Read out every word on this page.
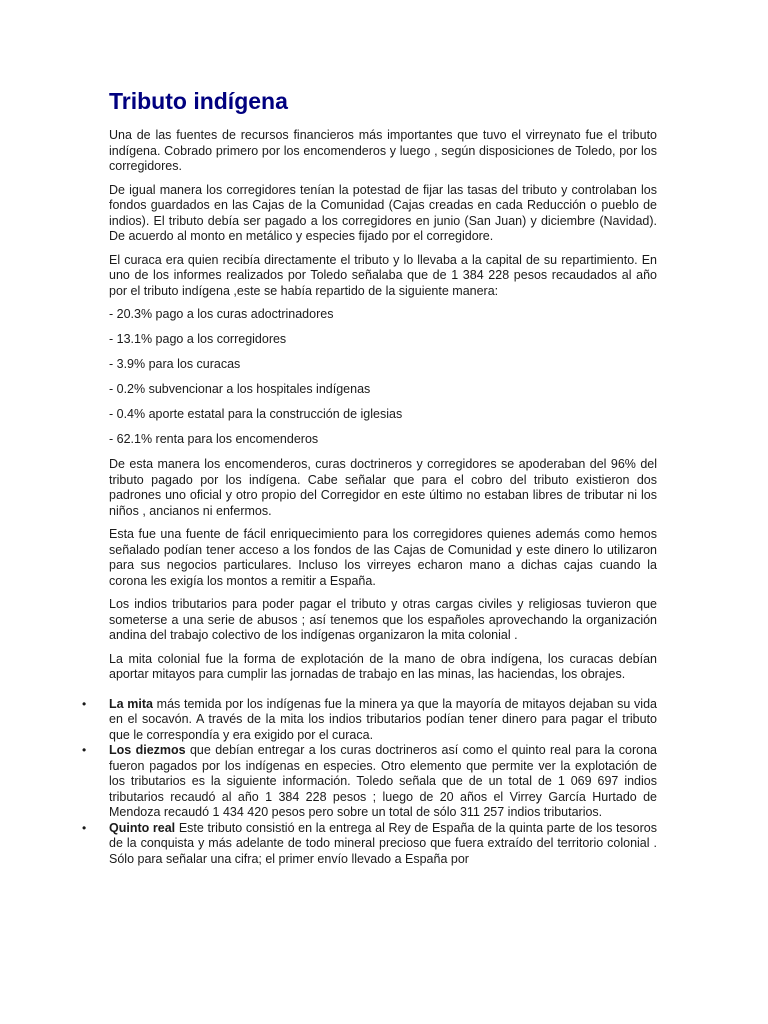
Tributo indígena

Una de las fuentes de recursos financieros más importantes que tuvo el virreynato fue el tributo indígena. Cobrado primero por los encomenderos y luego , según disposiciones de Toledo, por los corregidores.

De igual manera los corregidores tenían la potestad de fijar las tasas del tributo y controlaban los fondos guardados en las Cajas de la Comunidad (Cajas creadas en cada Reducción o pueblo de indios). El tributo debía ser pagado a los corregidores en junio (San Juan) y diciembre (Navidad). De acuerdo al monto en metálico y especies fijado por el corregidore.

El curaca era quien recibía directamente el tributo y lo llevaba a la capital de su repartimiento. En uno de los informes realizados por Toledo señalaba que de 1 384 228 pesos recaudados al año por el tributo indígena ,este se había repartido de la siguiente manera:

- 20.3% pago a los curas adoctrinadores

- 13.1% pago a los corregidores

- 3.9% para los curacas

- 0.2% subvencionar a los hospitales indígenas

- 0.4% aporte estatal para la construcción de iglesias

- 62.1% renta para los encomenderos

De esta manera los encomenderos, curas doctrineros y corregidores se apoderaban del 96% del tributo pagado por los indígena. Cabe señalar que para el cobro del tributo existieron dos padrones uno oficial y otro propio del Corregidor en este último no estaban libres de tributar ni los niños , ancianos ni enfermos.

Esta fue una fuente de fácil enriquecimiento para los corregidores quienes además como hemos señalado podían tener acceso a los fondos de las Cajas de Comunidad y este dinero lo utilizaron para sus negocios particulares. Incluso los virreyes echaron mano a dichas cajas cuando la corona les exigía los montos a remitir a España.

Los indios tributarios para poder pagar el tributo y otras cargas civiles y religiosas tuvieron que someterse a una serie de abusos ; así tenemos que los españoles aprovechando la organización andina del trabajo colectivo de los indígenas organizaron la mita colonial .

La mita colonial fue la forma de explotación de la mano de obra indígena, los curacas debían aportar mitayos para cumplir las jornadas de trabajo en las minas, las haciendas, los obrajes.

• La mita más temida por los indígenas fue la minera ya que la mayoría de mitayos dejaban su vida en el socavón. A través de la mita los indios tributarios podían tener dinero para pagar el tributo que le correspondía y era exigido por el curaca.
• Los diezmos que debían entregar a los curas doctrineros así como el quinto real para la corona fueron pagados por los indígenas en especies. Otro elemento que permite ver la explotación de los tributarios es la siguiente información. Toledo señala que de un total de 1 069 697 indios tributarios recaudó al año 1 384 228 pesos ; luego de 20 años el Virrey García Hurtado de Mendoza recaudó 1 434 420 pesos pero sobre un total de sólo 311 257 indios tributarios.
• Quinto real Este tributo consistió en la entrega al Rey de España de la quinta parte de los tesoros de la conquista y más adelante de todo mineral precioso que fuera extraído del territorio colonial . Sólo para señalar una cifra; el primer envío llevado a España por
